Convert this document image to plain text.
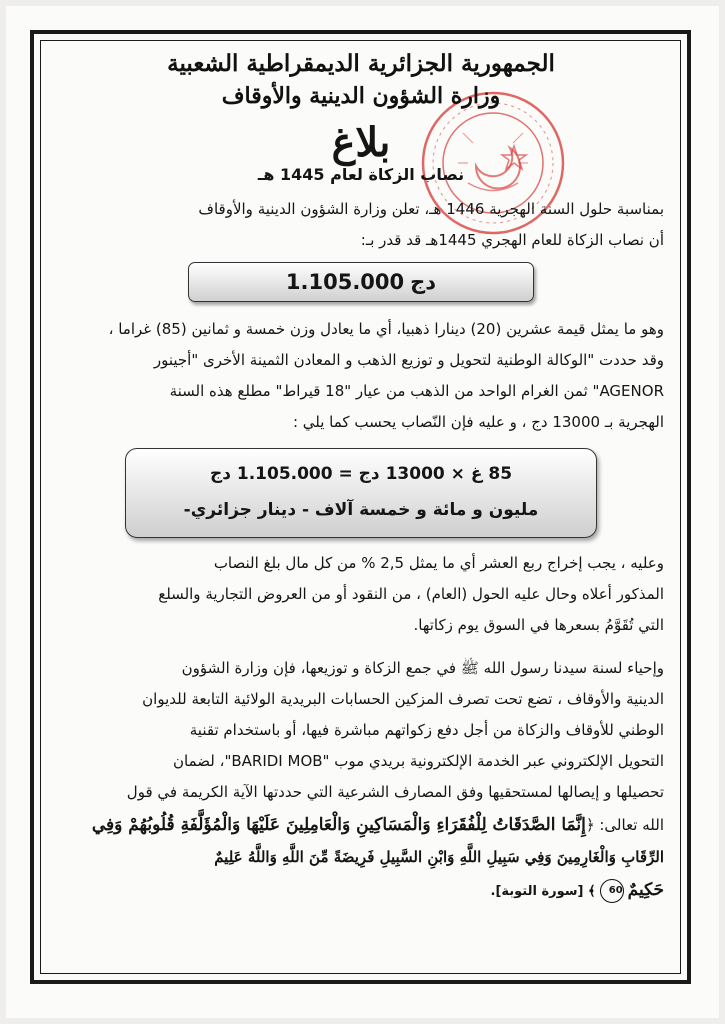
الجمهورية الجزائرية الديمقراطية الشعبية
وزارة الشؤون الدينية والأوقاف
بلاغ
نصاب الزكاة لعام 1445 هـ

بمناسبة حلول السنة الهجرية 1446 هـ، تعلن وزارة الشؤون الدينية والأوقاف

أن نصاب الزكاة للعام الهجري 1445هـ قد قدر بـ:

1.105.000 دج

وهو ما يمثل قيمة عشرين (20) دينارا ذهبيا، أي ما يعادل وزن خمسة و ثمانين (85) غراما ،

وقد حددت "الوكالة الوطنية لتحويل و توزيع الذهب و المعادن الثمينة الأخرى "أجينور

AGENOR" ثمن الغرام الواحد من الذهب من عيار "18 قيراط" مطلع هذه السنة

الهجرية بـ 13000 دج ، و عليه فإن النّصاب يحسب كما يلي :

85 غ × 13000 دج = 1.105.000 دج
مليون و مائة و خمسة آلاف - دينار جزائري-

وعليه ، يجب إخراج ربع العشر أي ما يمثل 2,5 % من كل مال بلغ النصاب

المذكور أعلاه وحال عليه الحول (العام) ، من النقود أو من العروض التجارية والسلع

التي تُقَوَّمُ بسعرها في السوق يوم زكاتها.

وإحياء لسنة سيدنا رسول الله ﷺ في جمع الزكاة و توزيعها، فإن وزارة الشؤون

الدينية والأوقاف ، تضع تحت تصرف المزكين الحسابات البريدية الولائية التابعة للديوان

الوطني للأوقاف والزكاة من أجل دفع زكواتهم مباشرة فيها، أو باستخدام تقنية

التحويل الإلكتروني عبر الخدمة الإلكترونية بريدي موب "BARIDI MOB"، لضمان

تحصيلها و إيصالها لمستحقيها وفق المصارف الشرعية التي حددتها الآية الكريمة في قول

الله تعالى: ﴿إِنَّمَا الصَّدَقَاتُ لِلْفُقَرَاءِ وَالْمَسَاكِينِ وَالْعَامِلِينَ عَلَيْهَا وَالْمُؤَلَّفَةِ قُلُوبُهُمْ وَفِي

الرِّقَابِ وَالْغَارِمِينَ وَفِي سَبِيلِ اللَّهِ وَابْنِ السَّبِيلِ فَرِيضَةً مِّنَ اللَّهِ وَاللَّهُ عَلِيمٌ

حَكِيمٌ60﴾ [سورة التوبة].
